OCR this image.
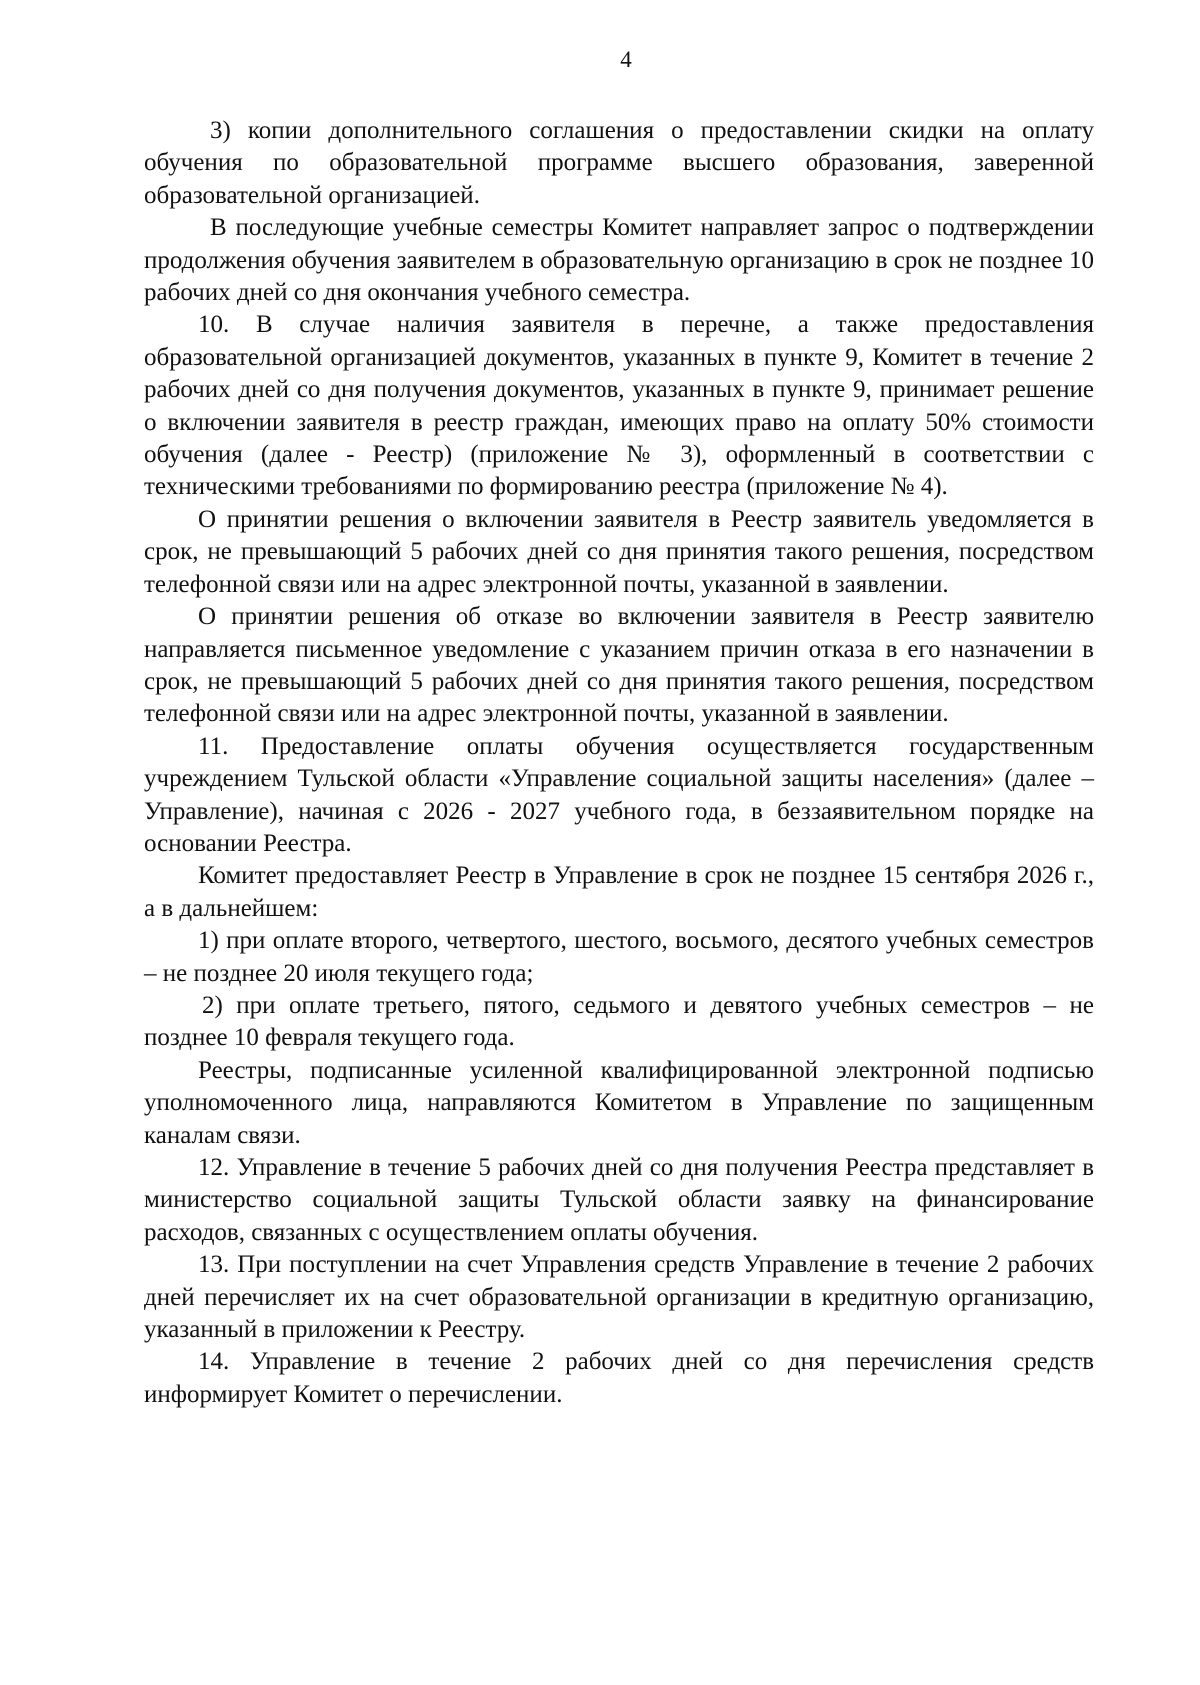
4

3) копии дополнительного соглашения о предоставлении скидки на оплату обучения по образовательной программе высшего образования, заверенной образовательной организацией.

В последующие учебные семестры Комитет направляет запрос о подтверждении продолжения обучения заявителем в образовательную организацию в срок не позднее 10 рабочих дней со дня окончания учебного семестра.

10. В случае наличия заявителя в перечне, а также предоставления образовательной организацией документов, указанных в пункте 9, Комитет в течение 2 рабочих дней со дня получения документов, указанных в пункте 9, принимает решение о включении заявителя в реестр граждан, имеющих право на оплату 50% стоимости обучения (далее - Реестр) (приложение № 3), оформленный в соответствии с техническими требованиями по формированию реестра (приложение № 4).

О принятии решения о включении заявителя в Реестр заявитель уведомляется в срок, не превышающий 5 рабочих дней со дня принятия такого решения, посредством телефонной связи или на адрес электронной почты, указанной в заявлении.

О принятии решения об отказе во включении заявителя в Реестр заявителю направляется письменное уведомление с указанием причин отказа в его назначении в срок, не превышающий 5 рабочих дней со дня принятия такого решения, посредством телефонной связи или на адрес электронной почты, указанной в заявлении.

11. Предоставление оплаты обучения осуществляется государственным учреждением Тульской области «Управление социальной защиты населения» (далее – Управление), начиная с 2026 - 2027 учебного года, в беззаявительном порядке на основании Реестра.

Комитет предоставляет Реестр в Управление в срок не позднее 15 сентября 2026 г., а в дальнейшем:

1) при оплате второго, четвертого, шестого, восьмого, десятого учебных семестров – не позднее 20 июля текущего года;

2) при оплате третьего, пятого, седьмого и девятого учебных семестров – не позднее 10 февраля текущего года.

Реестры, подписанные усиленной квалифицированной электронной подписью уполномоченного лица, направляются Комитетом в Управление по защищенным каналам связи.

12. Управление в течение 5 рабочих дней со дня получения Реестра представляет в министерство социальной защиты Тульской области заявку на финансирование расходов, связанных с осуществлением оплаты обучения.

13. При поступлении на счет Управления средств Управление в течение 2 рабочих дней перечисляет их на счет образовательной организации в кредитную организацию, указанный в приложении к Реестру.

14. Управление в течение 2 рабочих дней со дня перечисления средств информирует Комитет о перечислении.
